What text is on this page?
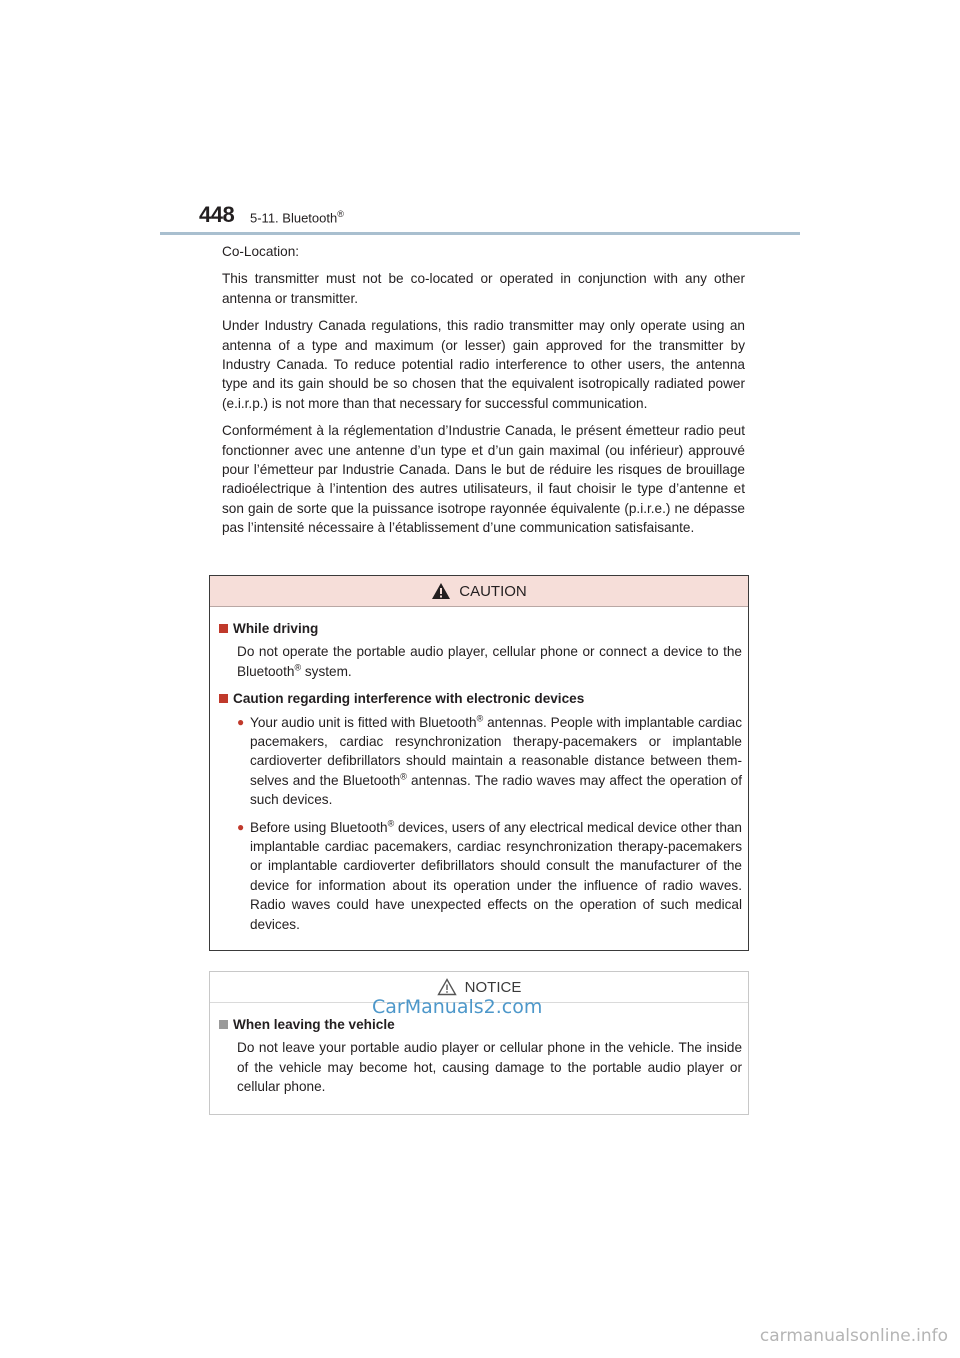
448 5-11. Bluetooth®

Co-Location:

This transmitter must not be co-located or operated in conjunction with any other antenna or transmitter.

Under Industry Canada regulations, this radio transmitter may only operate using an antenna of a type and maximum (or lesser) gain approved for the transmitter by Industry Canada. To reduce potential radio interference to other users, the antenna type and its gain should be so chosen that the equivalent isotropically radiated power (e.i.r.p.) is not more than that necessary for successful communication.

Conformément à la réglementation d’Industrie Canada, le présent émetteur radio peut fonctionner avec une antenne d’un type et d’un gain maximal (ou inférieur) approuvé pour l’émetteur par Industrie Canada. Dans le but de réduire les risques de brouillage radioélectrique à l’intention des autres utilisateurs, il faut choisir le type d’antenne et son gain de sorte que la puissance isotrope rayonnée équivalente (p.i.r.e.) ne dépasse pas l’intensité nécessaire à l’établissement d’une communication satisfaisante.

CAUTION
While driving
Do not operate the portable audio player, cellular phone or connect a device to the Bluetooth® system.
Caution regarding interference with electronic devices
● Your audio unit is fitted with Bluetooth® antennas. People with implantable cardiac pacemakers, cardiac resynchronization therapy-pacemakers or implantable cardioverter defibrillators should maintain a reasonable distance between themselves and the Bluetooth® antennas. The radio waves may affect the operation of such devices.
● Before using Bluetooth® devices, users of any electrical medical device other than implantable cardiac pacemakers, cardiac resynchronization therapy-pacemakers or implantable cardioverter defibrillators should consult the manufacturer of the device for information about its operation under the influence of radio waves. Radio waves could have unexpected effects on the operation of such medical devices.
NOTICE
When leaving the vehicle
Do not leave your portable audio player or cellular phone in the vehicle. The inside of the vehicle may become hot, causing damage to the portable audio player or cellular phone.
CarManuals2.com
carmanualsonline.info
